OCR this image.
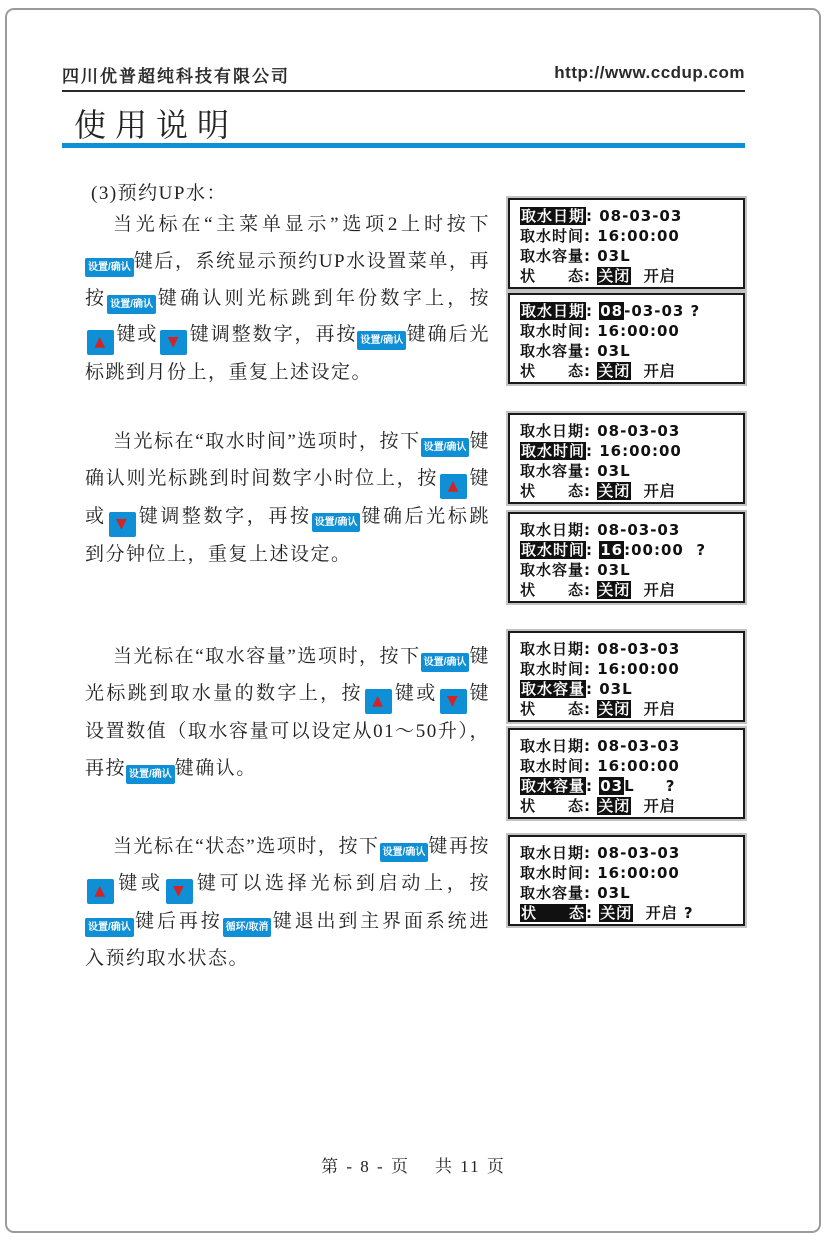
四川优普超纯科技有限公司	http://www.ccdup.com
使用说明

(3)预约UP水：

当光标在“主菜单显示”选项2上时按下设置/确认 键后，系统显示预约UP水设置菜单，再按 设置/确认 键确认则光标跳到年份数字上，按▲ 键或 ▼ 键调整数字，再按 设置/确认 键确后光标跳到月份上，重复上述设定。

当光标在“取水时间”选项时，按下 设置/确认 键确认则光标跳到时间数字小时位上，按 ▲ 键或 ▼ 键调整数字，再按 设置/确认 键确后光标跳到分钟位上，重复上述设定。

当光标在“取水容量”选项时，按下 设置/确认 键光标跳到取水量的数字上，按 ▲ 键或 ▼ 键设置数值（取水容量可以设定从01～50升），再按 设置/确认 键确认。

当光标在“状态”选项时，按下 设置/确认 键再按▲ 键或 ▼ 键可以选择光标到启动上，按设置/确认 键后再按 循环/取消 键退出到主界面系统进入预约取水状态。

取水日期: 08-03-03
取水时间: 16:00:00
取水容量: 03L
状　　态: 关闭  开启
取水日期: 08-03-03 ?
取水时间: 16:00:00
取水容量: 03L
状　　态: 关闭  开启
取水日期: 08-03-03
取水时间: 16:00:00
取水容量: 03L
状　　态: 关闭  开启
取水日期: 08-03-03
取水时间: 16:00:00  ?
取水容量: 03L
状　　态: 关闭  开启
取水日期: 08-03-03
取水时间: 16:00:00
取水容量: 03L
状　　态: 关闭  开启
取水日期: 08-03-03
取水时间: 16:00:00
取水容量: 03L     ?
状　　态: 关闭  开启
取水日期: 08-03-03
取水时间: 16:00:00
取水容量: 03L
状　　态: 关闭  开启 ?
第 - 8 - 页    共 11 页
